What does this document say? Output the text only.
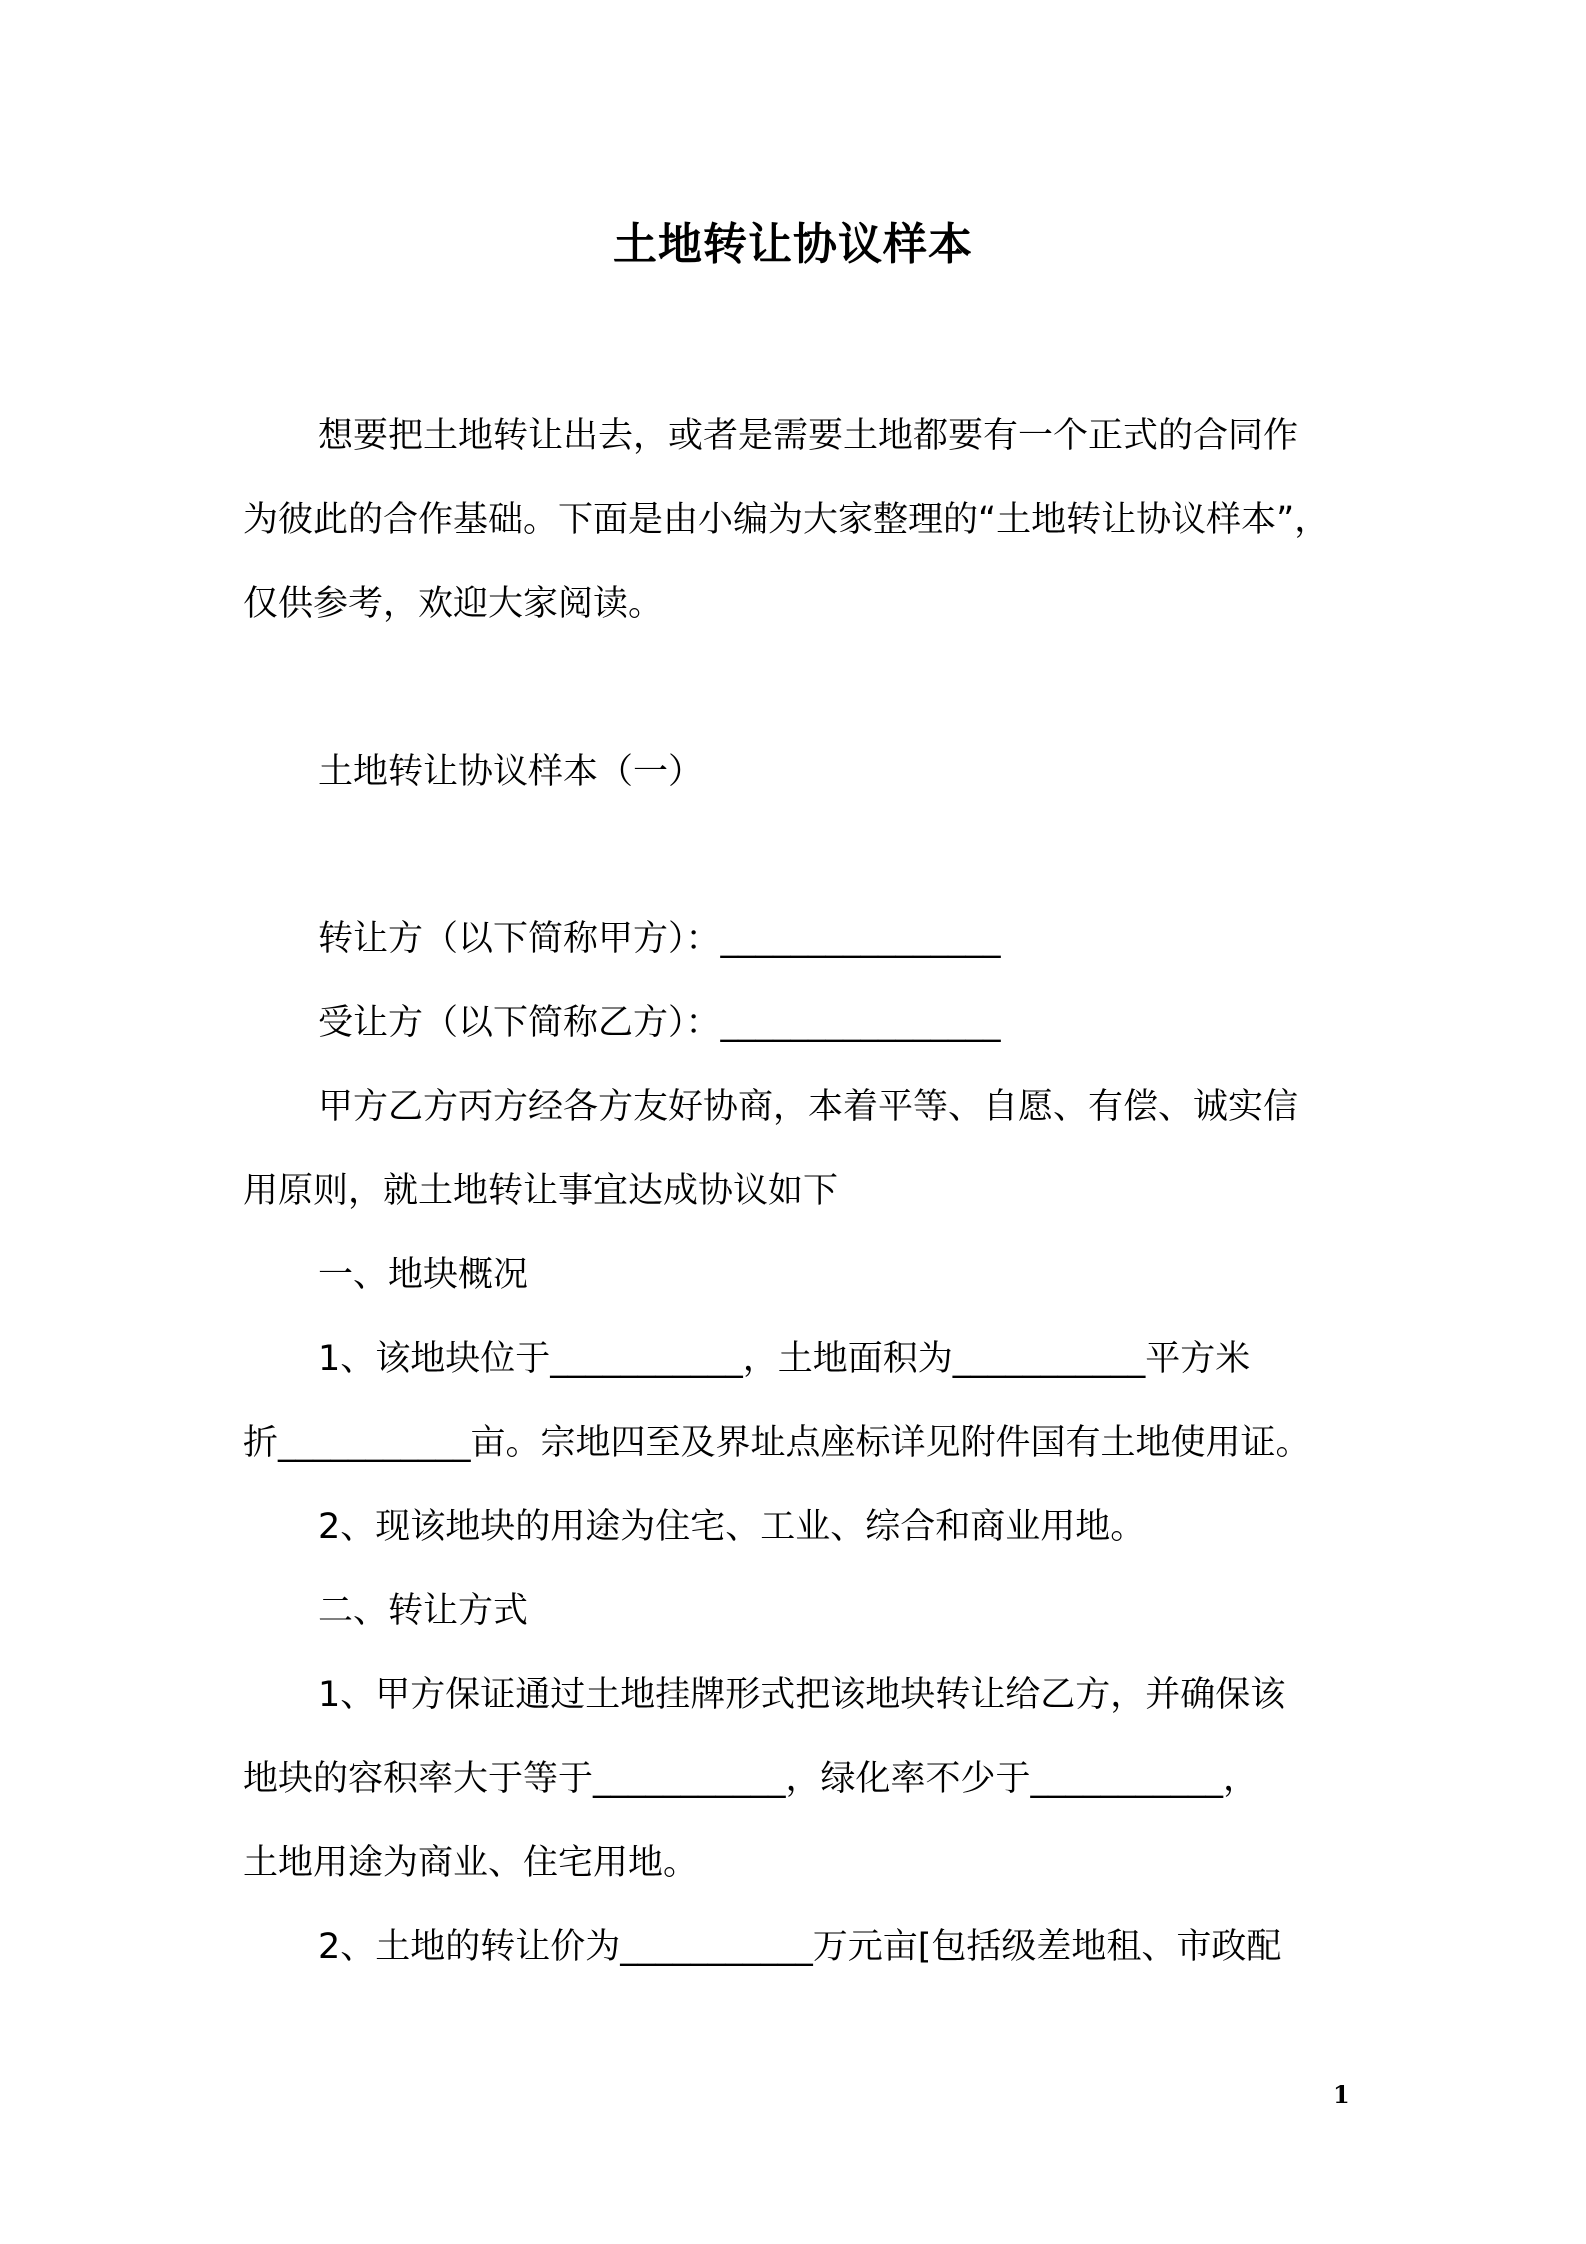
土地转让协议样本
想要把土地转让出去，或者是需要土地都要有一个正式的合同作
为彼此的合作基础。下面是由小编为大家整理的“土地转让协议样本”，
仅供参考，欢迎大家阅读。
土地转让协议样本（一）
转让方（以下简称甲方）：________________
受让方（以下简称乙方）：________________
甲方乙方丙方经各方友好协商，本着平等、自愿、有偿、诚实信
用原则，就土地转让事宜达成协议如下
一、地块概况
1、该地块位于___________，土地面积为___________平方米
折___________亩。宗地四至及界址点座标详见附件国有土地使用证。
2、现该地块的用途为住宅、工业、综合和商业用地。
二、转让方式
1、甲方保证通过土地挂牌形式把该地块转让给乙方，并确保该
地块的容积率大于等于___________，绿化率不少于___________，
土地用途为商业、住宅用地。
2、土地的转让价为___________万元亩[包括级差地租、市政配
1
